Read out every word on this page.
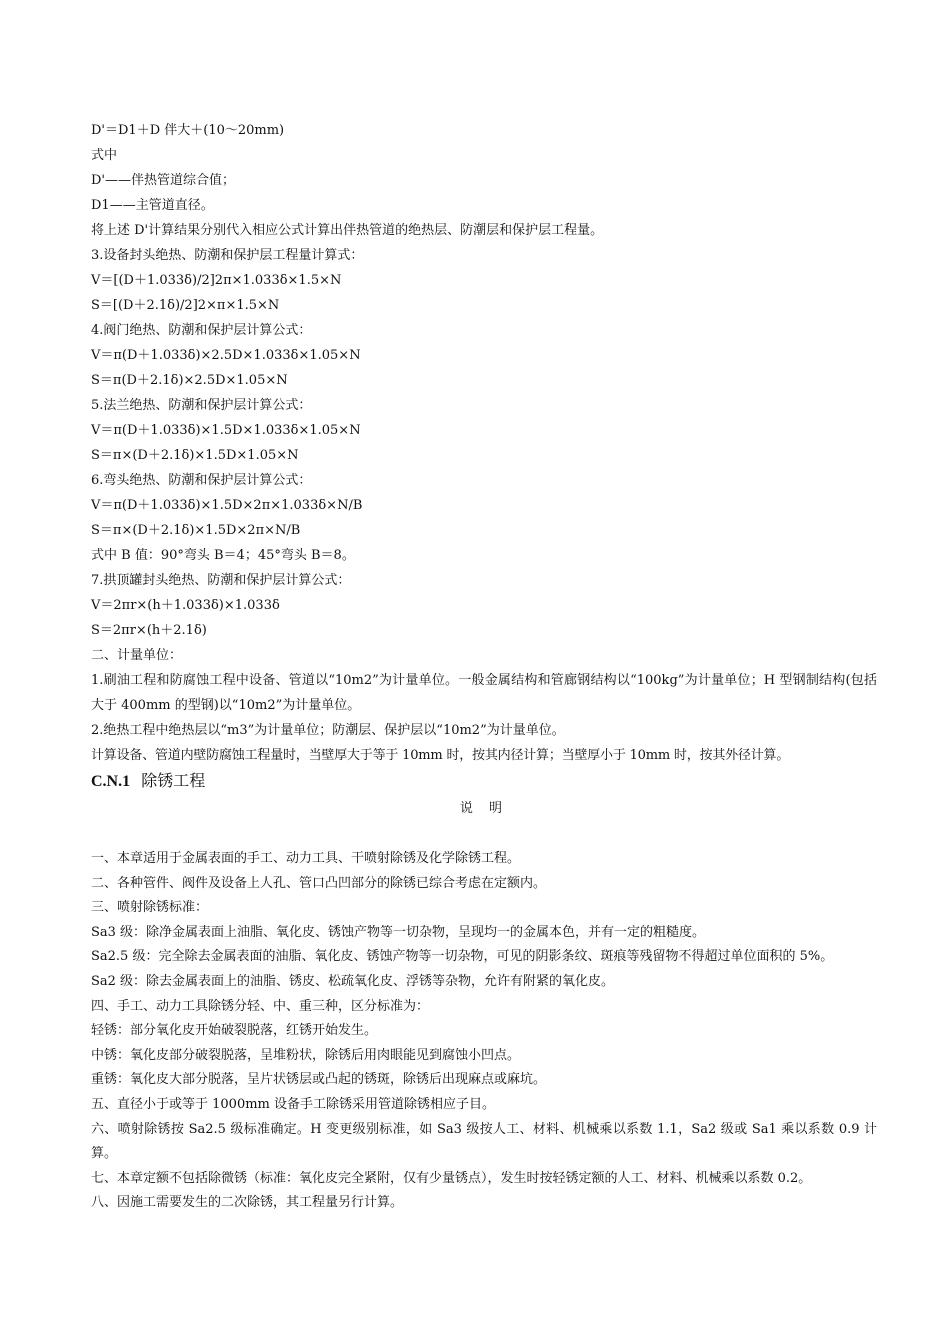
D'＝D1＋D 伴大＋(10～20mm)

式中

D'——伴热管道综合值；

D1——主管道直径。

将上述 D'计算结果分别代入相应公式计算出伴热管道的绝热层、防潮层和保护层工程量。

3.设备封头绝热、防潮和保护层工程量计算式：

V＝[(D＋1.033δ)/2]2π×1.033δ×1.5×N

S＝[(D＋2.1δ)/2]2×π×1.5×N

4.阀门绝热、防潮和保护层计算公式：

V＝π(D＋1.033δ)×2.5D×1.033δ×1.05×N

S＝π(D＋2.1δ)×2.5D×1.05×N

5.法兰绝热、防潮和保护层计算公式：

V＝π(D＋1.033δ)×1.5D×1.033δ×1.05×N

S＝π×(D＋2.1δ)×1.5D×1.05×N

6.弯头绝热、防潮和保护层计算公式：

V＝π(D＋1.033δ)×1.5D×2π×1.033δ×N/B

S＝π×(D＋2.1δ)×1.5D×2π×N/B

式中 B 值：90°弯头 B＝4；45°弯头 B＝8。

7.拱顶罐封头绝热、防潮和保护层计算公式：

V＝2πr×(h＋1.033δ)×1.033δ

S＝2πr×(h＋2.1δ)

二、计量单位：

1.刷油工程和防腐蚀工程中设备、管道以“10m2”为计量单位。一般金属结构和管廊钢结构以“100kg”为计量单位；H 型钢制结构(包括大于 400mm 的型钢)以“10m2”为计量单位。

2.绝热工程中绝热层以“m3”为计量单位；防潮层、保护层以“10m2”为计量单位。

计算设备、管道内壁防腐蚀工程量时，当壁厚大于等于 10mm 时，按其内径计算；当壁厚小于 10mm 时，按其外径计算。

C.N.1 除锈工程
说 明

一、本章适用于金属表面的手工、动力工具、干喷射除锈及化学除锈工程。

二、各种管件、阀件及设备上人孔、管口凸凹部分的除锈已综合考虑在定额内。

三、喷射除锈标准：

Sa3 级：除净金属表面上油脂、氧化皮、锈蚀产物等一切杂物，呈现均一的金属本色，并有一定的粗糙度。

Sa2.5 级：完全除去金属表面的油脂、氧化皮、锈蚀产物等一切杂物，可见的阴影条纹、斑痕等残留物不得超过单位面积的 5%。

Sa2 级：除去金属表面上的油脂、锈皮、松疏氧化皮、浮锈等杂物，允许有附紧的氧化皮。

四、手工、动力工具除锈分轻、中、重三种，区分标准为：

轻锈：部分氧化皮开始破裂脱落，红锈开始发生。

中锈：氧化皮部分破裂脱落，呈堆粉状，除锈后用肉眼能见到腐蚀小凹点。

重锈：氧化皮大部分脱落，呈片状锈层或凸起的锈斑，除锈后出现麻点或麻坑。

五、直径小于或等于 1000mm 设备手工除锈采用管道除锈相应子目。

六、喷射除锈按 Sa2.5 级标准确定。H 变更级别标准，如 Sa3 级按人工、材料、机械乘以系数 1.1，Sa2 级或 Sa1 乘以系数 0.9 计算。

七、本章定额不包括除微锈（标准：氧化皮完全紧附，仅有少量锈点），发生时按轻锈定额的人工、材料、机械乘以系数 0.2。

八、因施工需要发生的二次除锈，其工程量另行计算。
